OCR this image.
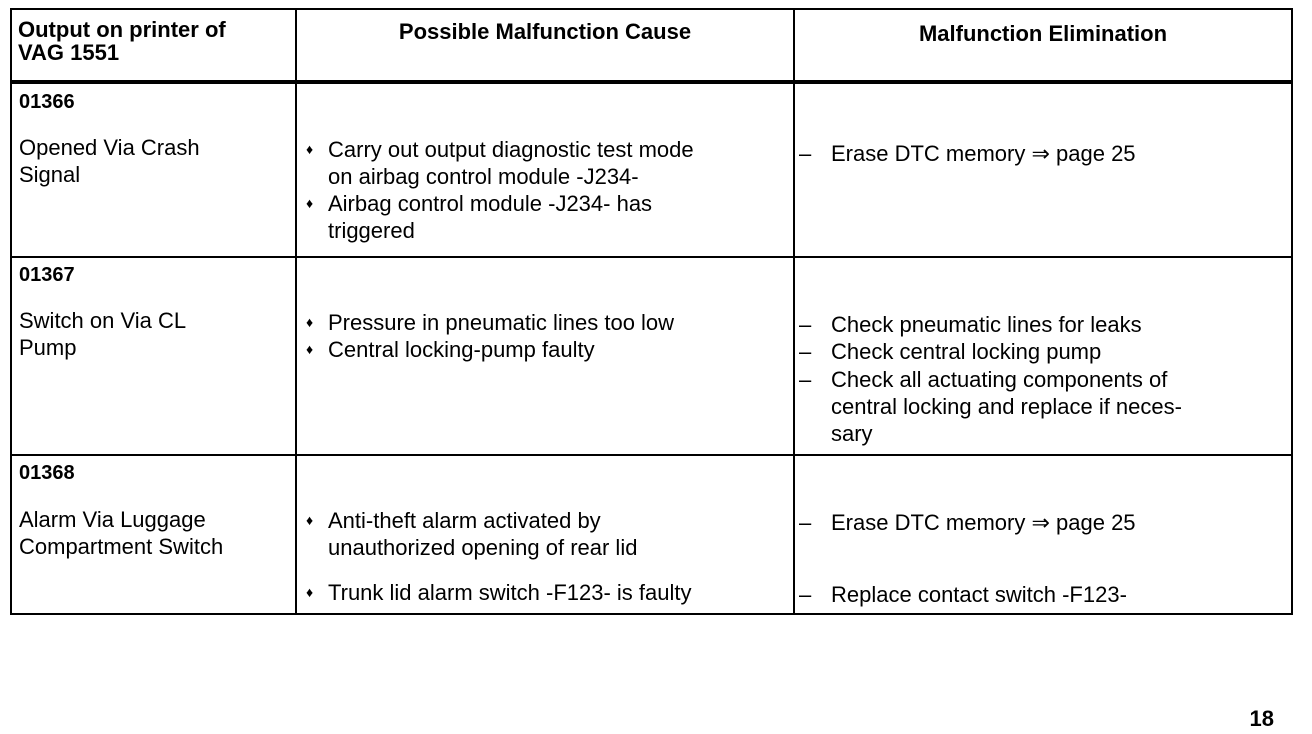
Output on printer of
VAG 1551
Possible Malfunction Cause	Malfunction Elimination
01366
Opened Via Crash
Signal
♦ Carry out output diagnostic test mode
on airbag control module -J234-
♦ Airbag control module -J234- has
triggered
– Erase DTC memory ⇒ page 25
01367
Switch on Via CL
Pump
♦ Pressure in pneumatic lines too low
♦ Central locking-pump faulty
– Check pneumatic lines for leaks
– Check central locking pump
– Check all actuating components of
central locking and replace if neces-
sary
01368
Alarm Via Luggage
Compartment Switch
♦ Anti-theft alarm activated by
unauthorized opening of rear lid
♦ Trunk lid alarm switch -F123- is faulty
– Erase DTC memory ⇒ page 25
– Replace contact switch -F123-
18
